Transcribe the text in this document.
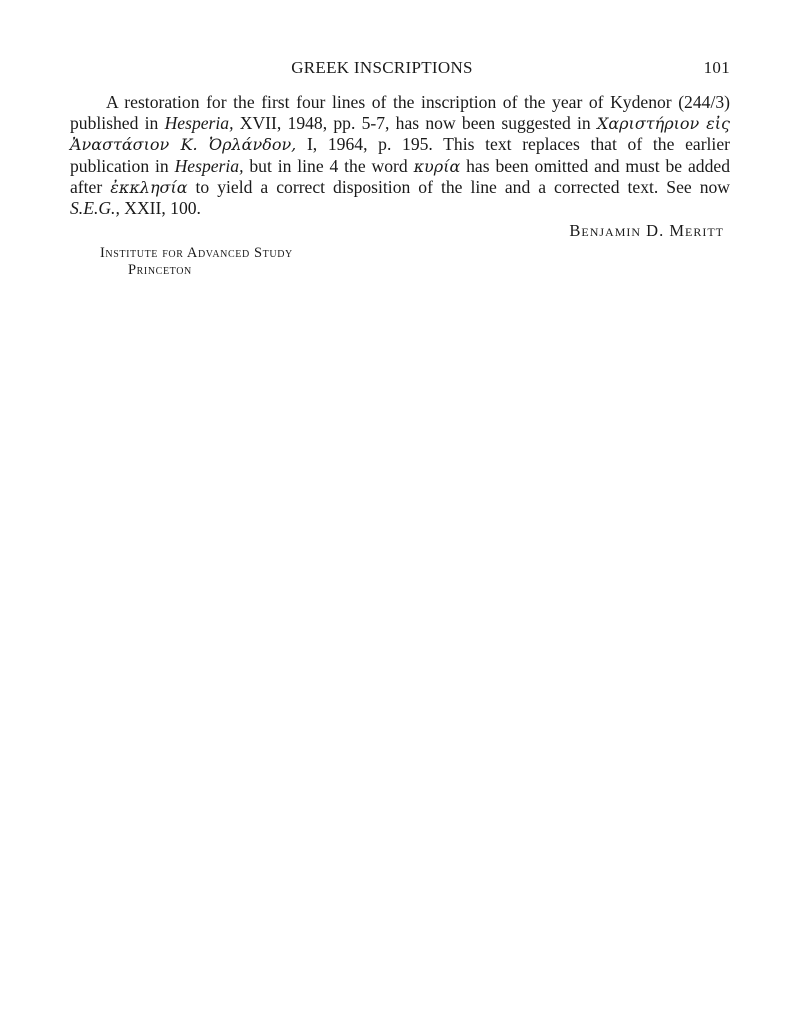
GREEK INSCRIPTIONS	101

A restoration for the first four lines of the inscription of the year of Kydenor (244/3) published in Hesperia, XVII, 1948, pp. 5-7, has now been suggested in Χαριστήριον εἰς Ἀναστάσιον Κ. Ὀρλάνδον, I, 1964, p. 195. This text replaces that of the earlier publication in Hesperia, but in line 4 the word κυρία has been omitted and must be added after ἐκκλησία to yield a correct disposition of the line and a corrected text. See now S.E.G., XXII, 100.

Benjamin D. Meritt
Institute for Advanced Study
Princeton
